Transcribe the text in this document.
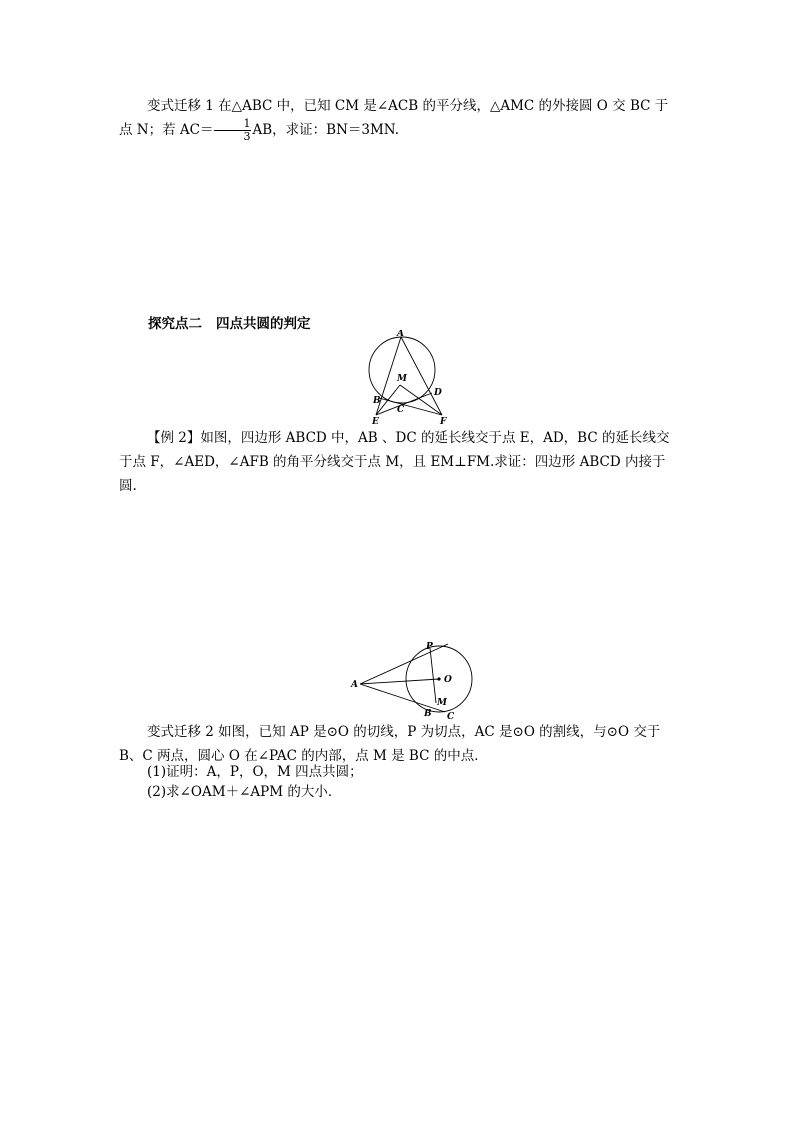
变式迁移 1 在△ABC 中，已知 CM 是∠ACB 的平分线，△AMC 的外接圆 O 交 BC 于点 N；若 $AC= \frac{1}{3}$ AB，求证：BN＝3MN.
探究点二 四点共圆的判定
A
M
D
B
C
E	F
【例 2】如图，四边形 ABCD 中，AB 、DC 的延长线交于点 E，AD，BC 的延长线交于点 F，∠AED，∠AFB 的角平分线交于点 M，且 EM⊥FM.求证：四边形 ABCD 内接于圆.
P
A	O
M
B C
变式迁移 2 如图，已知 AP 是⊙O 的切线，P 为切点，AC 是⊙O 的割线，与⊙O 交于 B、C 两点，圆心 O 在∠PAC 的内部，点 M 是 BC 的中点．
(1)证明：A，P，O，M 四点共圆；
(2)求∠OAM＋∠APM 的大小．
